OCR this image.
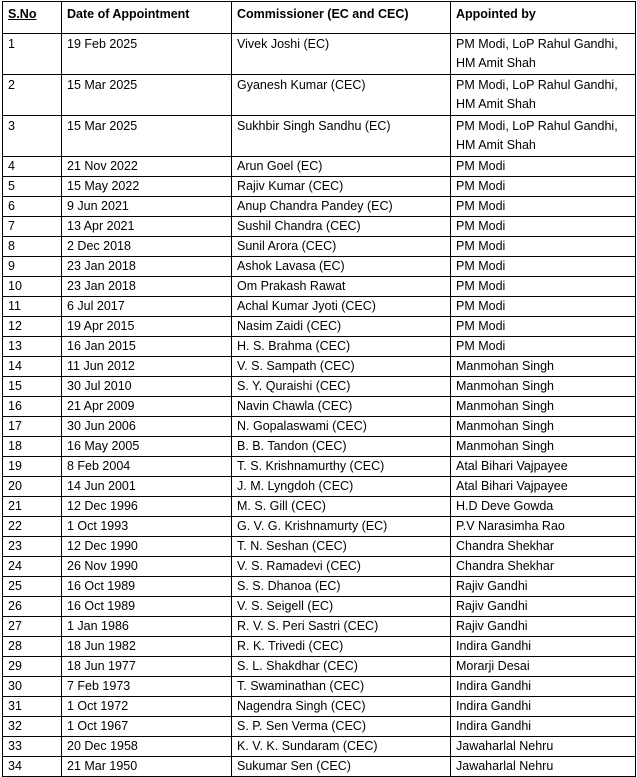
S.No	Date of Appointment	Commissioner (EC and CEC)	Appointed by
1	19 Feb 2025	Vivek Joshi (EC)	PM Modi, LoP Rahul Gandhi, HM Amit Shah
2	15 Mar 2025	Gyanesh Kumar (CEC)	PM Modi, LoP Rahul Gandhi, HM Amit Shah
3	15 Mar 2025	Sukhbir Singh Sandhu (EC)	PM Modi, LoP Rahul Gandhi, HM Amit Shah
4	21 Nov 2022	Arun Goel (EC)	PM Modi
5	15 May 2022	Rajiv Kumar (CEC)	PM Modi
6	9 Jun 2021	Anup Chandra Pandey (EC)	PM Modi
7	13 Apr 2021	Sushil Chandra (CEC)	PM Modi
8	2 Dec 2018	Sunil Arora (CEC)	PM Modi
9	23 Jan 2018	Ashok Lavasa (EC)	PM Modi
10	23 Jan 2018	Om Prakash Rawat	PM Modi
11	6 Jul 2017	Achal Kumar Jyoti (CEC)	PM Modi
12	19 Apr 2015	Nasim Zaidi (CEC)	PM Modi
13	16 Jan 2015	H. S. Brahma (CEC)	PM Modi
14	11 Jun 2012	V. S. Sampath (CEC)	Manmohan Singh
15	30 Jul 2010	S. Y. Quraishi (CEC)	Manmohan Singh
16	21 Apr 2009	Navin Chawla (CEC)	Manmohan Singh
17	30 Jun 2006	N. Gopalaswami (CEC)	Manmohan Singh
18	16 May 2005	B. B. Tandon (CEC)	Manmohan Singh
19	8 Feb 2004	T. S. Krishnamurthy (CEC)	Atal Bihari Vajpayee
20	14 Jun 2001	J. M. Lyngdoh (CEC)	Atal Bihari Vajpayee
21	12 Dec 1996	M. S. Gill (CEC)	H.D Deve Gowda
22	1 Oct 1993	G. V. G. Krishnamurty (EC)	P.V Narasimha Rao
23	12 Dec 1990	T. N. Seshan (CEC)	Chandra Shekhar
24	26 Nov 1990	V. S. Ramadevi (CEC)	Chandra Shekhar
25	16 Oct 1989	S. S. Dhanoa (EC)	Rajiv Gandhi
26	16 Oct 1989	V. S. Seigell (EC)	Rajiv Gandhi
27	1 Jan 1986	R. V. S. Peri Sastri (CEC)	Rajiv Gandhi
28	18 Jun 1982	R. K. Trivedi (CEC)	Indira Gandhi
29	18 Jun 1977	S. L. Shakdhar (CEC)	Morarji Desai
30	7 Feb 1973	T. Swaminathan (CEC)	Indira Gandhi
31	1 Oct 1972	Nagendra Singh (CEC)	Indira Gandhi
32	1 Oct 1967	S. P. Sen Verma (CEC)	Indira Gandhi
33	20 Dec 1958	K. V. K. Sundaram (CEC)	Jawaharlal Nehru
34	21 Mar 1950	Sukumar Sen (CEC)	Jawaharlal Nehru
